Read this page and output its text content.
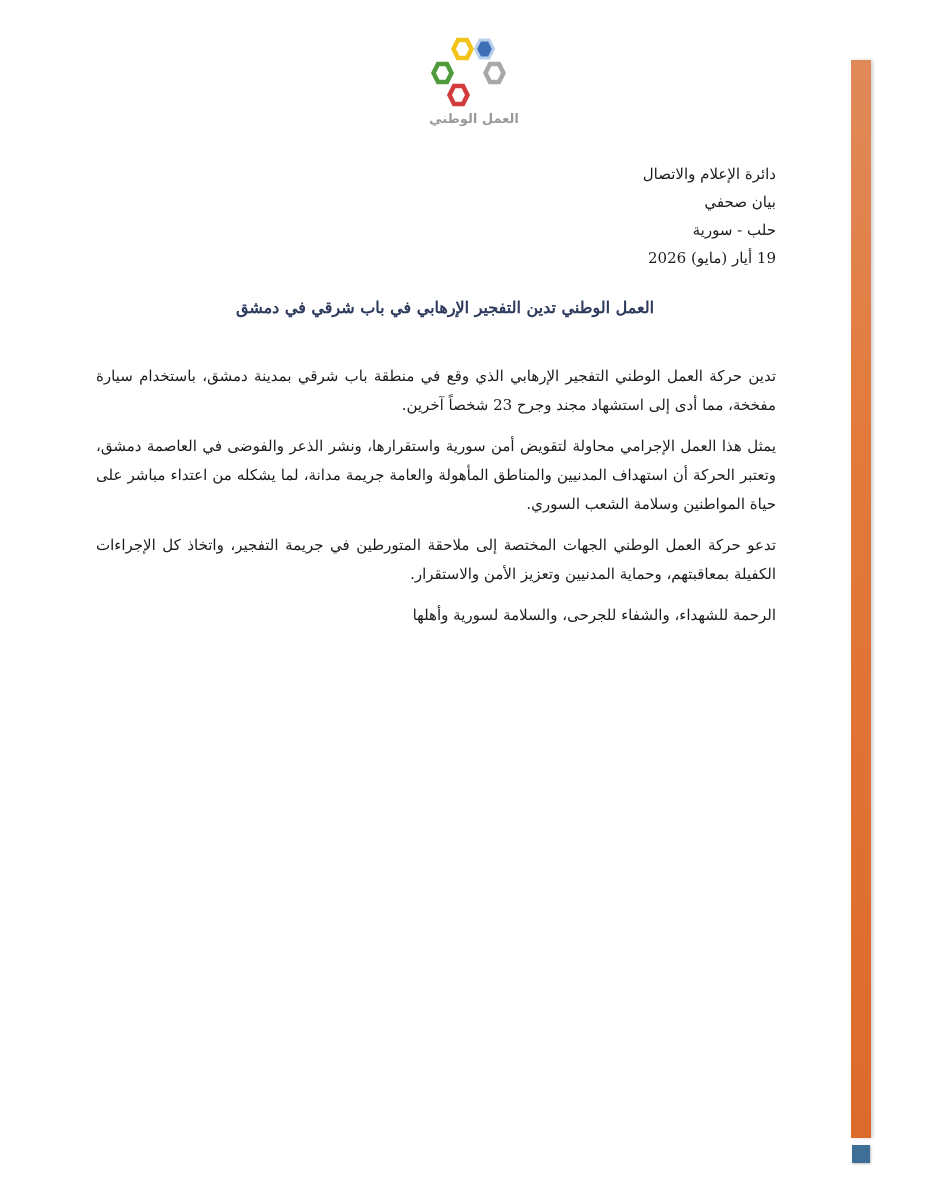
العمل الوطني
دائرة الإعلام والاتصال
بيان صحفي
حلب - سورية
19 أيار (مايو) 2026
العمل الوطني تدين التفجير الإرهابي في باب شرقي في دمشق

تدين حركة العمل الوطني التفجير الإرهابي الذي وقع في منطقة باب شرقي بمدينة دمشق، باستخدام سيارة مفخخة، مما أدى إلى استشهاد مجند وجرح 23 شخصاً آخرين.

يمثل هذا العمل الإجرامي محاولة لتقويض أمن سورية واستقرارها، ونشر الذعر والفوضى في العاصمة دمشق، وتعتبر الحركة أن استهداف المدنيين والمناطق المأهولة والعامة جريمة مدانة، لما يشكله من اعتداء مباشر على حياة المواطنين وسلامة الشعب السوري.

تدعو حركة العمل الوطني الجهات المختصة إلى ملاحقة المتورطين في جريمة التفجير، واتخاذ كل الإجراءات الكفيلة بمعاقبتهم، وحماية المدنيين وتعزيز الأمن والاستقرار.

الرحمة للشهداء، والشفاء للجرحى، والسلامة لسورية وأهلها
